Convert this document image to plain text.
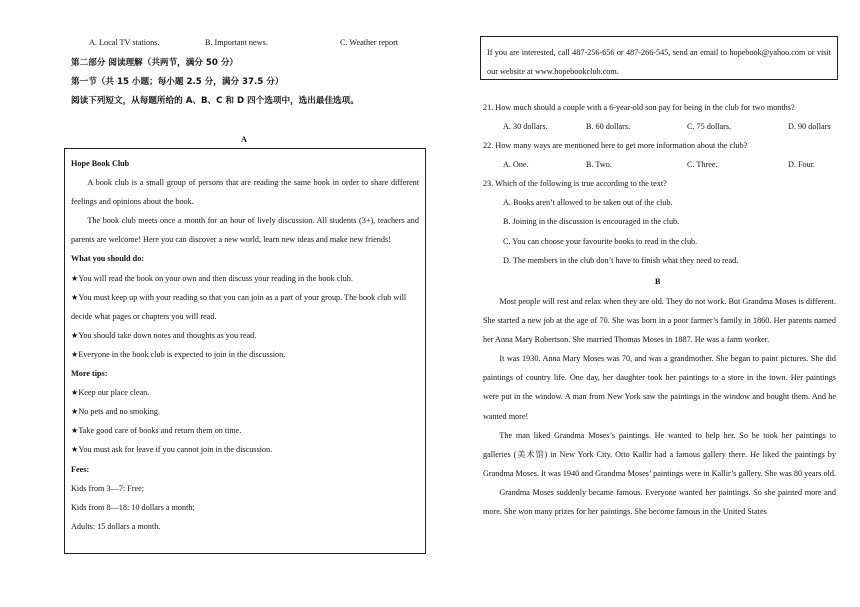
A. Local TV stations.	B. Important news.	C. Weather report
第二部分 阅读理解（共两节，满分 50 分）
第一节（共 15 小题；每小题 2.5 分，满分 37.5 分）
阅读下列短文，从每题所给的 A、B、C 和 D 四个选项中，选出最佳选项。
A

Hope Book Club

A book club is a small group of persons that are reading the same book in order to share different feelings and opinions about the book.

The book club meets once a month for an hour of lively discussion. All students (3+), teachers and parents are welcome! Here you can discover a new world, learn new ideas and make new friends!

What you should do:

★You will read the book on your own and then discuss your reading in the book club.

★You must keep up with your reading so that you can join as a part of your group. The book club will decide what pages or chapters you will read.

★You should take down notes and thoughts as you read.

★Everyone in the book club is expected to join in the discussion.

More tips:

★Keep our place clean.

★No pets and no smoking.

★Take good care of books and return them on time.

★You must ask for leave if you cannot join in the discussion.

Fees:

Kids from 3—7: Free;

Kids from 8—18: 10 dollars a month;

Adults: 15 dollars a month.

If you are interested, call 487-256-656 or 487-266-545, send an email to hopebook@yahoo.com or visit our website at www.hopebookclub.com.
21. How much should a couple with a 6-year-old son pay for being in the club for two months?
A. 30 dollars.	B. 60 dollars.	C. 75 dollars.	D. 90 dollars
22. How many ways are mentioned here to get more information about the club?
A. One.	B. Two.	C. Three.	D. Four.
23. Which of the following is true according to the text?
A. Books aren’t allowed to be taken out of the club.
B. Joining in the discussion is encouraged in the club.
C. You can choose your favourite books to read in the club.
D. The members in the club don’t have to finish what they need to read.
B

Most people will rest and relax when they are old. They do not work. But Grandma Moses is different. She started a new job at the age of 70. She was born in a poor farmer’s family in 1860. Her parents named her Anna Mary Robertson. She married Thomas Moses in 1887. He was a farm worker.

It was 1930. Anna Mary Moses was 70, and was a grandmother. She began to paint pictures. She did paintings of country life. One day, her daughter took her paintings to a store in the town. Her paintings were put in the window. A man from New York saw the paintings in the window and bought them. And he wanted more!

The man liked Grandma Moses’s paintings. He wanted to help her. So he took her paintings to galleries (美术馆) in New York City. Otto Kallir had a famous gallery there. He liked the paintings by Grandma Moses. It was 1940 and Grandma Moses’ paintings were in Kallir’s gallery. She was 80 years old.

Grandma Moses suddenly became famous. Everyone wanted her paintings. So she painted more and more. She won many prizes for her paintings. She become famous in the United States
